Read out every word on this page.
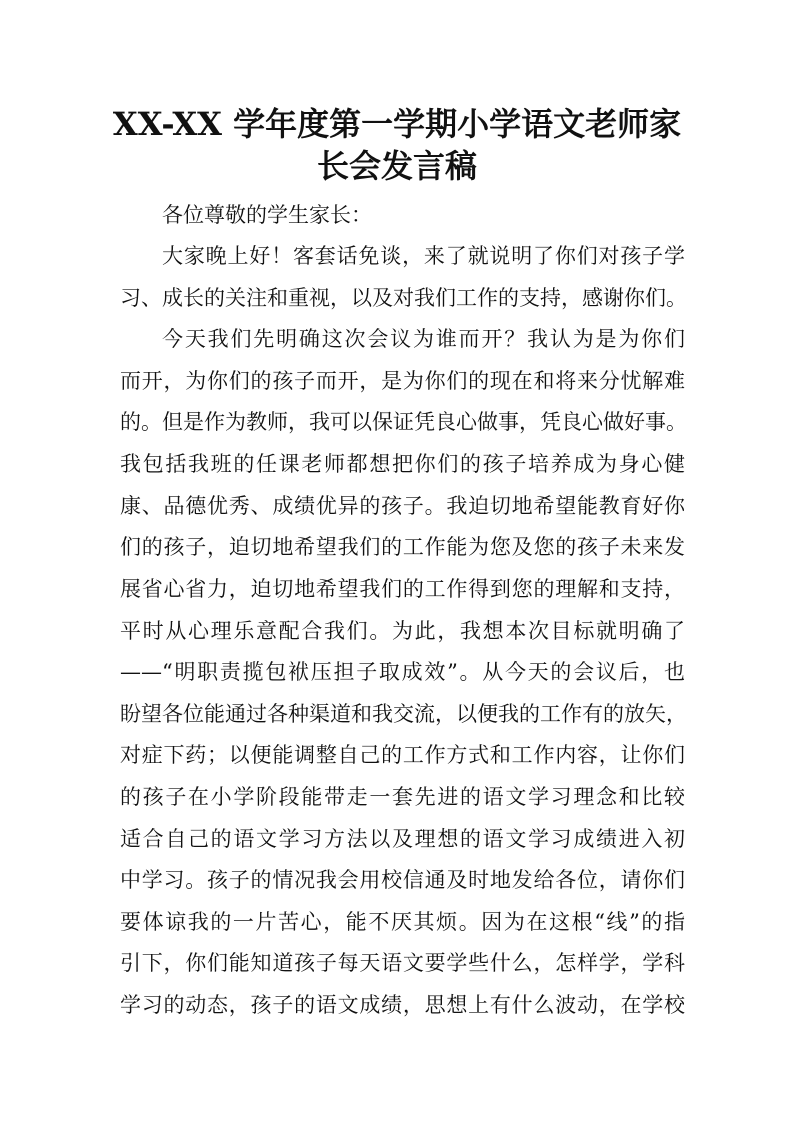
XX-XX 学年度第一学期小学语文老师家
长会发言稿
各位尊敬的学生家长：
大家晚上好！客套话免谈，来了就说明了你们对孩子学
习、成长的关注和重视，以及对我们工作的支持，感谢你们。
今天我们先明确这次会议为谁而开？我认为是为你们
而开，为你们的孩子而开，是为你们的现在和将来分忧解难
的。但是作为教师，我可以保证凭良心做事，凭良心做好事。
我包括我班的任课老师都想把你们的孩子培养成为身心健
康、品德优秀、成绩优异的孩子。我迫切地希望能教育好你
们的孩子，迫切地希望我们的工作能为您及您的孩子未来发
展省心省力，迫切地希望我们的工作得到您的理解和支持，
平时从心理乐意配合我们。为此，我想本次目标就明确了
——“明职责揽包袱压担子取成效”。从今天的会议后，也
盼望各位能通过各种渠道和我交流，以便我的工作有的放矢，
对症下药；以便能调整自己的工作方式和工作内容，让你们
的孩子在小学阶段能带走一套先进的语文学习理念和比较
适合自己的语文学习方法以及理想的语文学习成绩进入初
中学习。孩子的情况我会用校信通及时地发给各位，请你们
要体谅我的一片苦心，能不厌其烦。因为在这根“线”的指
引下，你们能知道孩子每天语文要学些什么，怎样学，学科
学习的动态，孩子的语文成绩，思想上有什么波动，在学校
